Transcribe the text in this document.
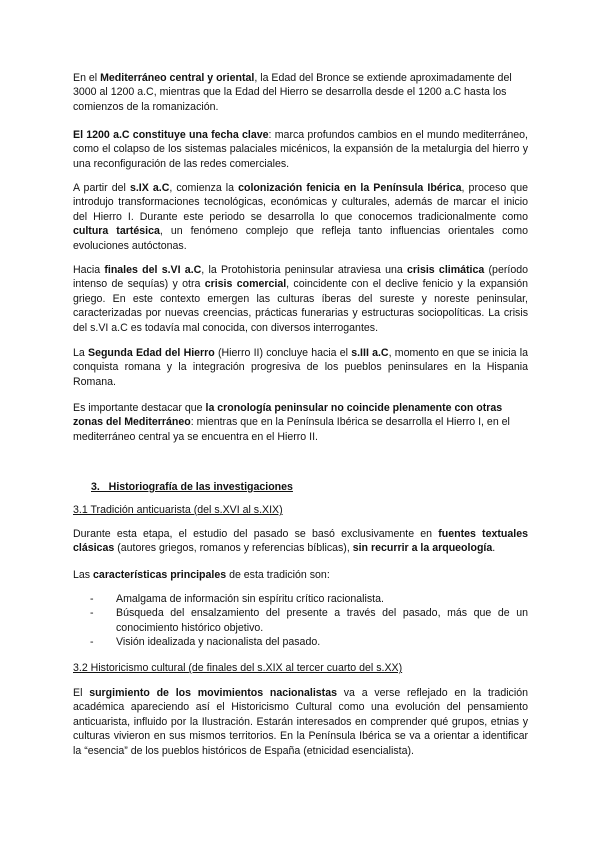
En el Mediterráneo central y oriental, la Edad del Bronce se extiende aproximadamente del 3000 al 1200 a.C, mientras que la Edad del Hierro se desarrolla desde el 1200 a.C hasta los comienzos de la romanización.

El 1200 a.C constituye una fecha clave: marca profundos cambios en el mundo mediterráneo, como el colapso de los sistemas palaciales micénicos, la expansión de la metalurgia del hierro y una reconfiguración de las redes comerciales.

A partir del s.IX a.C, comienza la colonización fenicia en la Península Ibérica, proceso que introdujo transformaciones tecnológicas, económicas y culturales, además de marcar el inicio del Hierro I. Durante este periodo se desarrolla lo que conocemos tradicionalmente como cultura tartésica, un fenómeno complejo que refleja tanto influencias orientales como evoluciones autóctonas.

Hacia finales del s.VI a.C, la Protohistoria peninsular atraviesa una crisis climática (período intenso de sequías) y otra crisis comercial, coincidente con el declive fenicio y la expansión griego. En este contexto emergen las culturas íberas del sureste y noreste peninsular, caracterizadas por nuevas creencias, prácticas funerarias y estructuras sociopolíticas. La crisis del s.VI a.C es todavía mal conocida, con diversos interrogantes.

La Segunda Edad del Hierro (Hierro II) concluye hacia el s.III a.C, momento en que se inicia la conquista romana y la integración progresiva de los pueblos peninsulares en la Hispania Romana.

Es importante destacar que la cronología peninsular no coincide plenamente con otras zonas del Mediterráneo: mientras que en la Península Ibérica se desarrolla el Hierro I, en el mediterráneo central ya se encuentra en el Hierro II.

3.   Historiografía de las investigaciones
3.1 Tradición anticuarista (del s.XVI al s.XIX)

Durante esta etapa, el estudio del pasado se basó exclusivamente en fuentes textuales clásicas (autores griegos, romanos y referencias bíblicas), sin recurrir a la arqueología.

Las características principales de esta tradición son:

- Amalgama de información sin espíritu crítico racionalista.
- Búsqueda del ensalzamiento del presente a través del pasado, más que de un conocimiento histórico objetivo.
- Visión idealizada y nacionalista del pasado.
3.2 Historicismo cultural (de finales del s.XIX al tercer cuarto del s.XX)

El surgimiento de los movimientos nacionalistas va a verse reflejado en la tradición académica apareciendo así el Historicismo Cultural como una evolución del pensamiento anticuarista, influido por la Ilustración. Estarán interesados en comprender qué grupos, etnias y culturas vivieron en sus mismos territorios. En la Península Ibérica se va a orientar a identificar la “esencia” de los pueblos históricos de España (etnicidad esencialista).
